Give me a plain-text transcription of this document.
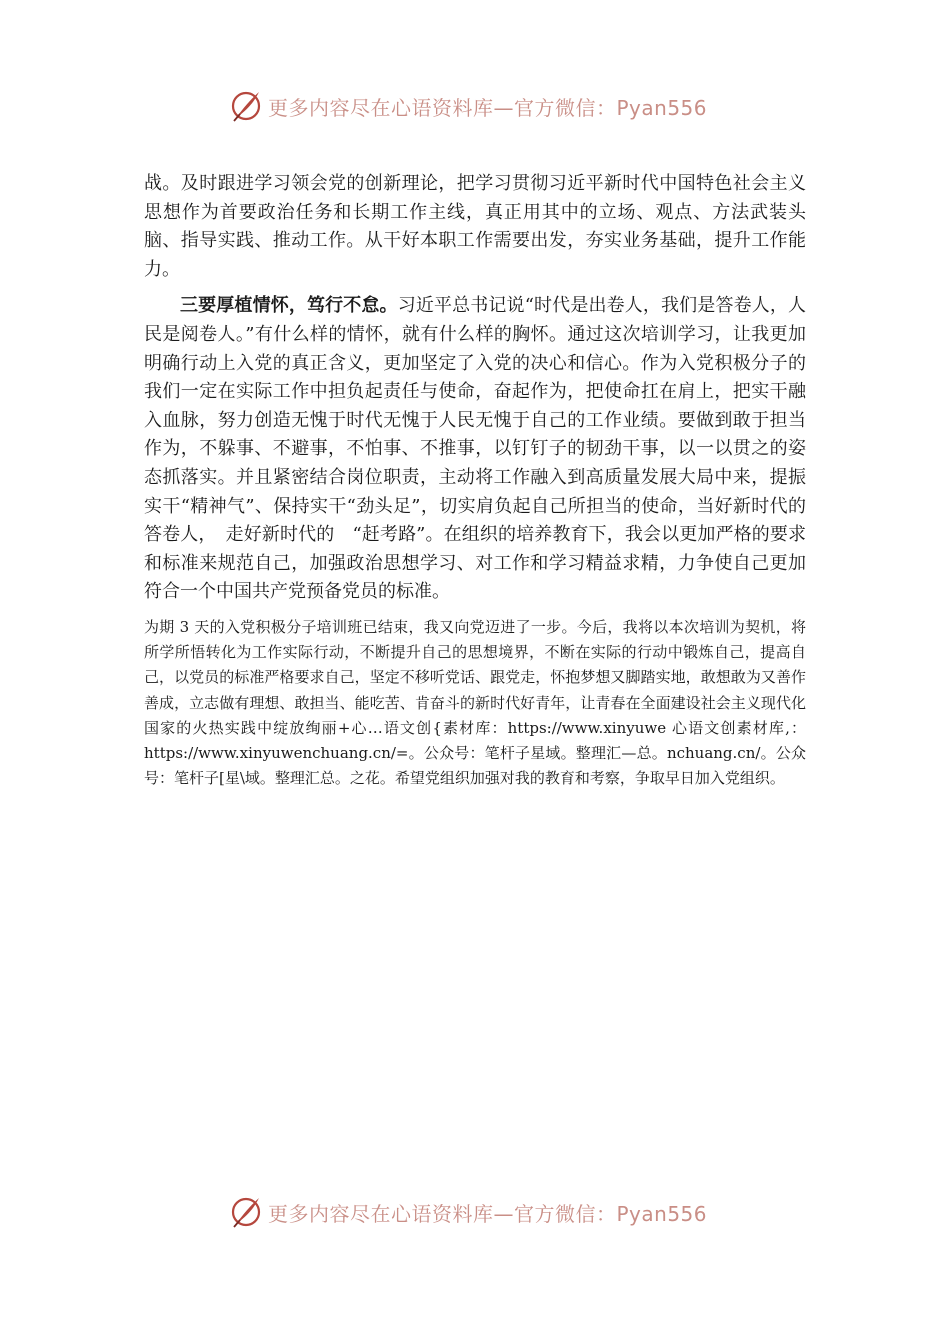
更多内容尽在心语资料库—官方微信：Pyan556

战。及时跟进学习领会党的创新理论，把学习贯彻习近平新时代中国特色社会主义思想作为首要政治任务和长期工作主线，真正用其中的立场、观点、方法武装头脑、指导实践、推动工作。从干好本职工作需要出发，夯实业务基础，提升工作能力。

三要厚植情怀，笃行不怠。习近平总书记说“时代是出卷人，我们是答卷人，人民是阅卷人。”有什么样的情怀，就有什么样的胸怀。通过这次培训学习，让我更加明确行动上入党的真正含义，更加坚定了入党的决心和信心。作为入党积极分子的我们一定在实际工作中担负起责任与使命，奋起作为，把使命扛在肩上，把实干融入血脉，努力创造无愧于时代无愧于人民无愧于自己的工作业绩。要做到敢于担当作为，不躲事、不避事，不怕事、不推事，以钉钉子的韧劲干事，以一以贯之的姿态抓落实。并且紧密结合岗位职责，主动将工作融入到高质量发展大局中来，提振实干“精神气”、保持实干“劲头足”，切实肩负起自己所担当的使命，当好新时代的答卷人，　走好新时代的　“赶考路”。在组织的培养教育下，我会以更加严格的要求和标准来规范自己，加强政治思想学习、对工作和学习精益求精，力争使自己更加符合一个中国共产党预备党员的标准。

为期 3 天的入党积极分子培训班已结束，我又向党迈进了一步。今后，我将以本次培训为契机，将所学所悟转化为工作实际行动，不断提升自己的思想境界，不断在实际的行动中锻炼自己，提高自己，以党员的标准严格要求自己，坚定不移听党话、跟党走，怀抱梦想又脚踏实地，敢想敢为又善作善成，立志做有理想、敢担当、能吃苦、肯奋斗的新时代好青年，让青春在全面建设社会主义现代化国家的火热实践中绽放绚丽+心…语文创{素材库：https://www.xinyuwe 心语文创素材库,：https://www.xinyuwenchuang.cn/=。公众号：笔杆子星域。整理汇—总。nchuang.cn/。公众号：笔杆子[星\域。整理汇总。之花。希望党组织加强对我的教育和考察，争取早日加入党组织。

更多内容尽在心语资料库—官方微信：Pyan556
